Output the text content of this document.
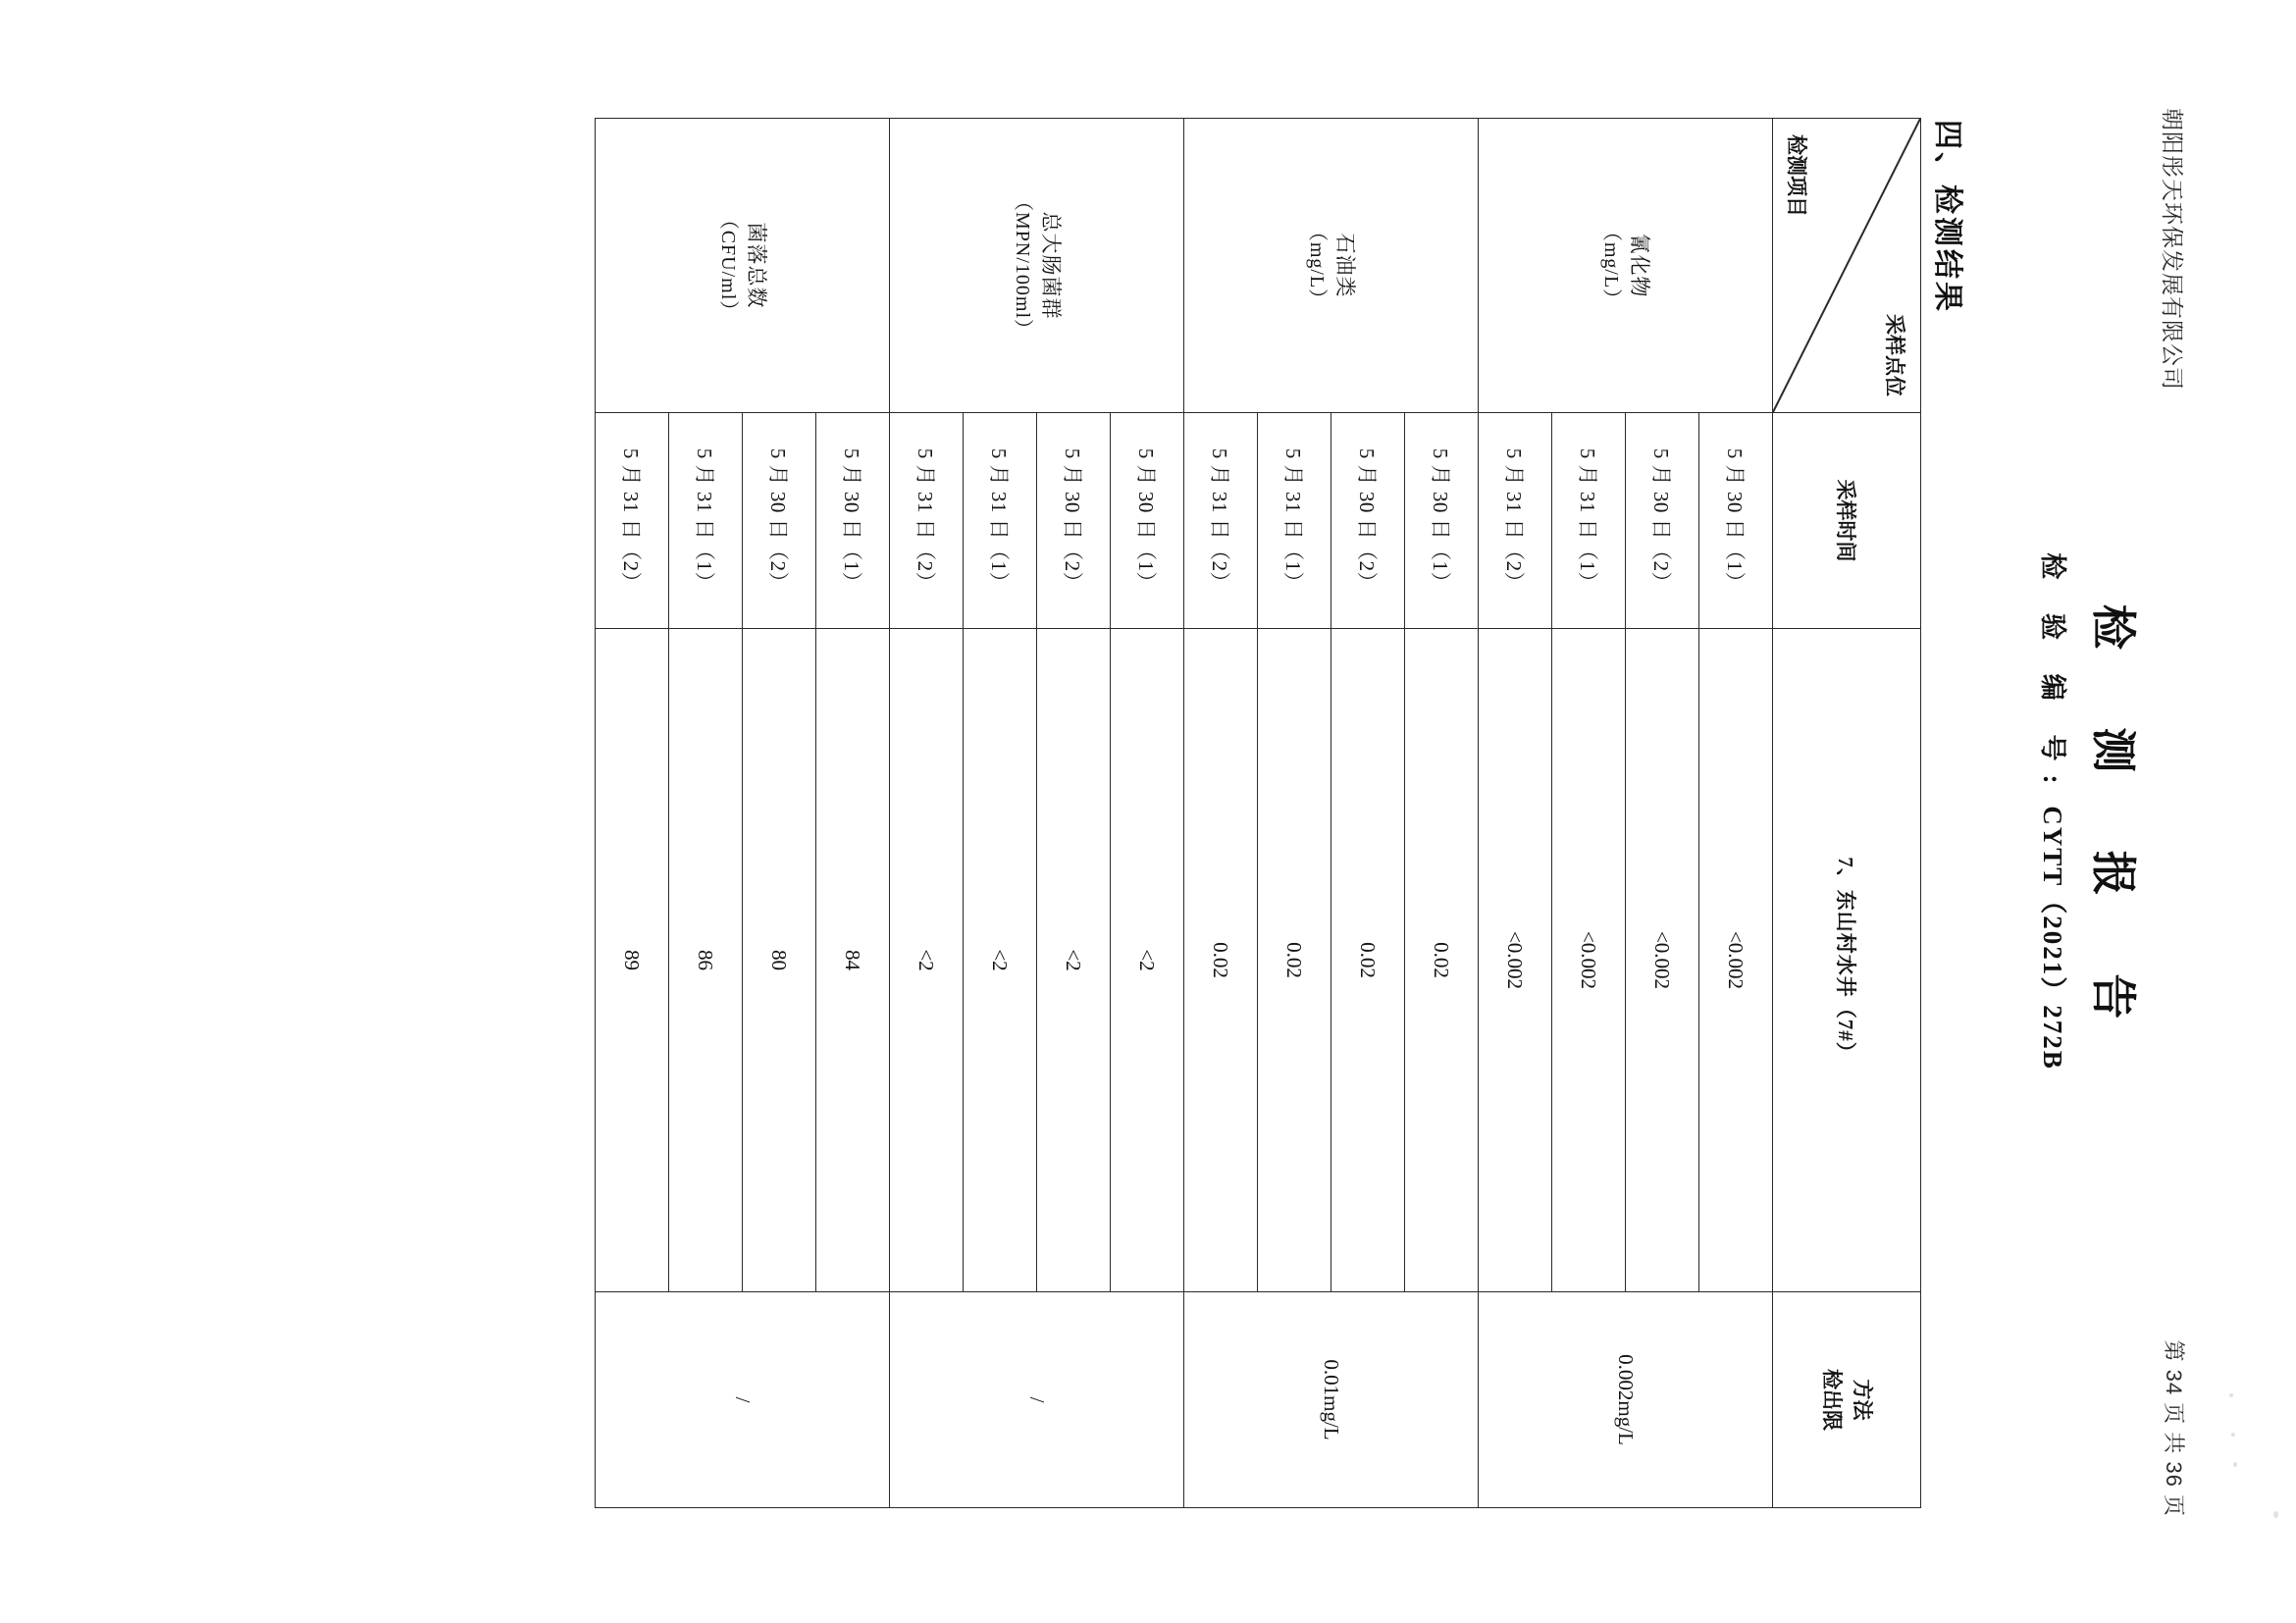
朝阳彤天环保发展有限公司
第 34 页 共 36 页
检 测 报 告
检 验 编 号: CYTT（2021）272B
四、检测结果
检测项目
采样点位
	采样时间	7、东山村水井（7#）	
方法
检出限

氰化物
（mg/L）	5 月 30 日（1）	<0.002	0.002mg/L
	5 月 30 日（2）	<0.002	
	5 月 31 日（1）	<0.002	
	5 月 31 日（2）	<0.002	
石油类
（mg/L）	5 月 30 日（1）	0.02	0.01mg/L
	5 月 30 日（2）	0.02	
	5 月 31 日（1）	0.02	
	5 月 31 日（2）	0.02	
总大肠菌群
（MPN/100ml）	5 月 30 日（1）	<2	/
	5 月 30 日（2）	<2	
	5 月 31 日（1）	<2	
	5 月 31 日（2）	<2	
菌落总数
（CFU/ml）	5 月 30 日（1）	84	/
	5 月 30 日（2）	80	
	5 月 31 日（1）	86	
	5 月 31 日（2）	89	
